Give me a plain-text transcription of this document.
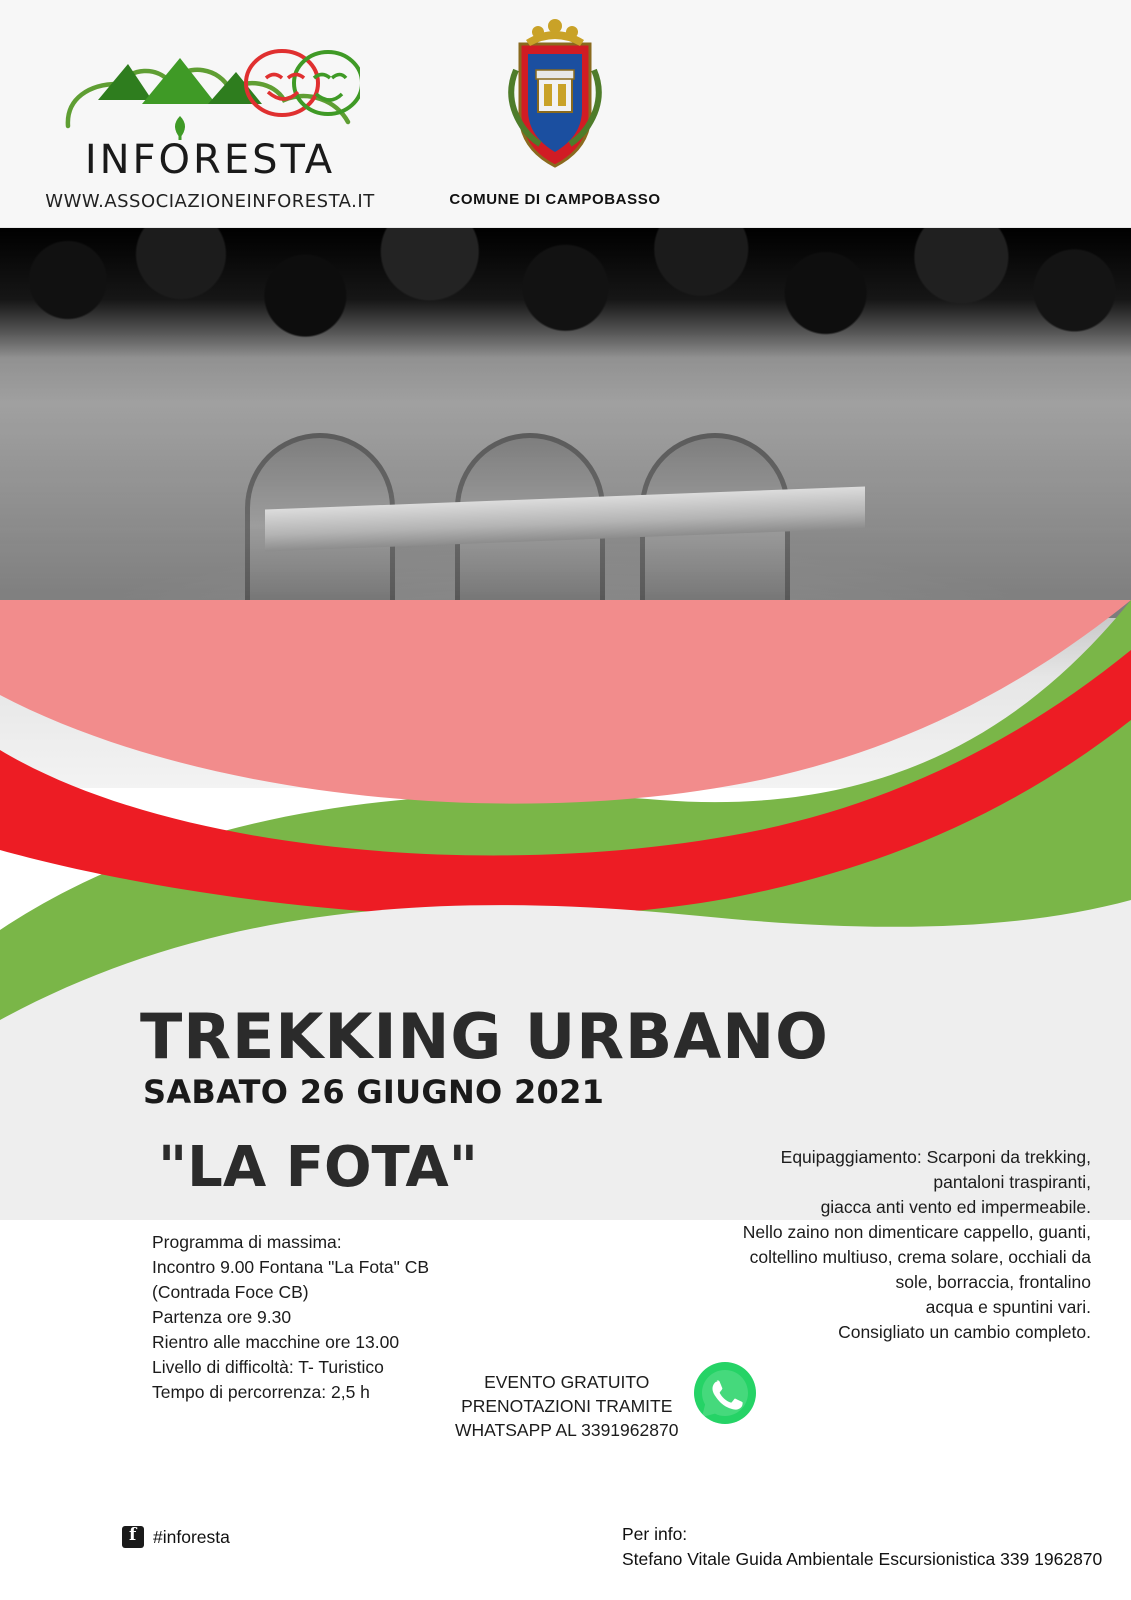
INFORESTA
WWW.ASSOCIAZIONEINFORESTA.IT	COMUNE DI CAMPOBASSO
TREKKING URBANO
SABATO 26 GIUGNO 2021
"LA FOTA"
Programma di massima:
Incontro 9.00 Fontana "La Fota" CB
(Contrada Foce CB)
Partenza ore 9.30
Rientro alle macchine ore 13.00
Livello di difficoltà: T- Turistico
Tempo di percorrenza: 2,5 h
Equipaggiamento: Scarponi da trekking,
pantaloni traspiranti,
giacca anti vento ed impermeabile.
Nello zaino non dimenticare cappello, guanti,
coltellino multiuso, crema solare, occhiali da
sole, borraccia, frontalino
acqua e spuntini vari.
Consigliato un cambio completo.
EVENTO GRATUITO
PRENOTAZIONI TRAMITE
WHATSAPP AL 3391962870
f
#inforesta	Per info:
Stefano Vitale Guida Ambientale Escursionistica 339 1962870
